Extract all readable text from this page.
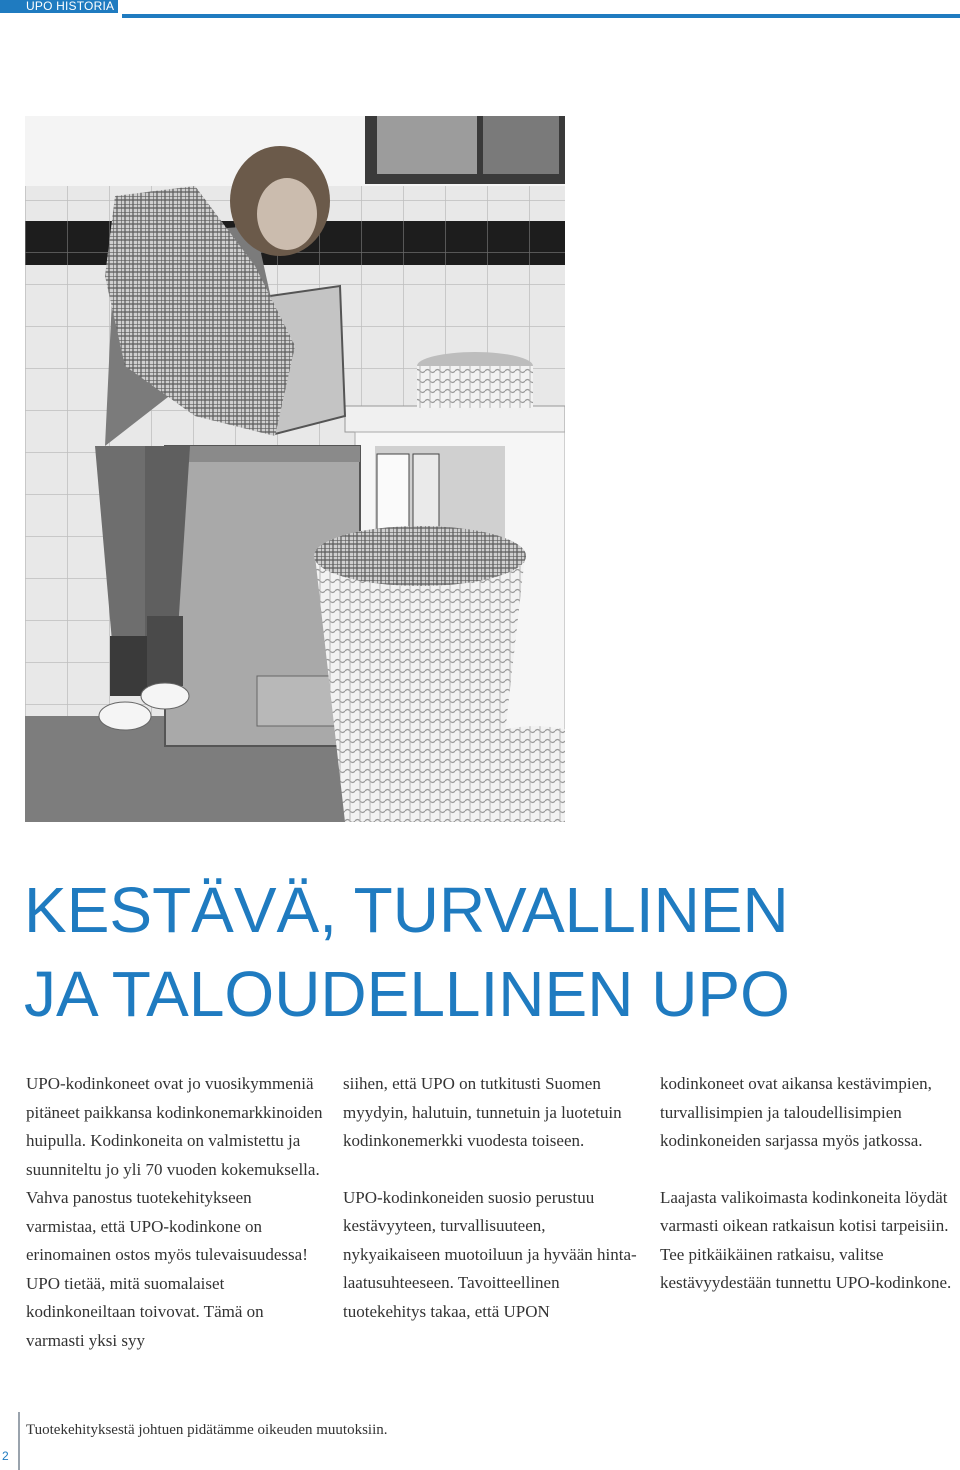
UPO HISTORIA
KESTÄVÄ, TURVALLINEN
JA TALOUDELLINEN UPO

UPO-kodinkoneet ovat jo vuosikymmeniä pitäneet paikkansa kodinkonemarkkinoiden huipulla. Kodinkoneita on valmistettu ja suunniteltu jo yli 70 vuoden kokemuksella. Vahva panostus tuotekehitykseen varmistaa, että UPO-kodinkone on erinomainen ostos myös tulevaisuudessa! UPO tietää, mitä suomalaiset kodinkoneiltaan toivovat. Tämä on varmasti yksi syy

siihen, että UPO on tutkitusti Suomen myydyin, halutuin, tunnetuin ja luotetuin kodinkonemerkki vuodesta toiseen.

UPO-kodinkoneiden suosio perustuu kestävyyteen, turvallisuuteen, nykyaikaiseen muotoiluun ja hyvään hinta-laatusuhteeseen. Tavoitteellinen tuotekehitys takaa, että UPON

kodinkoneet ovat aikansa kestävimpien, turvallisimpien ja taloudellisimpien kodinkoneiden sarjassa myös jatkossa.

Laajasta valikoimasta kodinkoneita löydät varmasti oikean ratkaisun kotisi tarpeisiin. Tee pitkäikäinen ratkaisu, valitse kestävyydestään tunnettu UPO-kodinkone.

2
Tuotekehityksestä johtuen pidätämme oikeuden muutoksiin.
